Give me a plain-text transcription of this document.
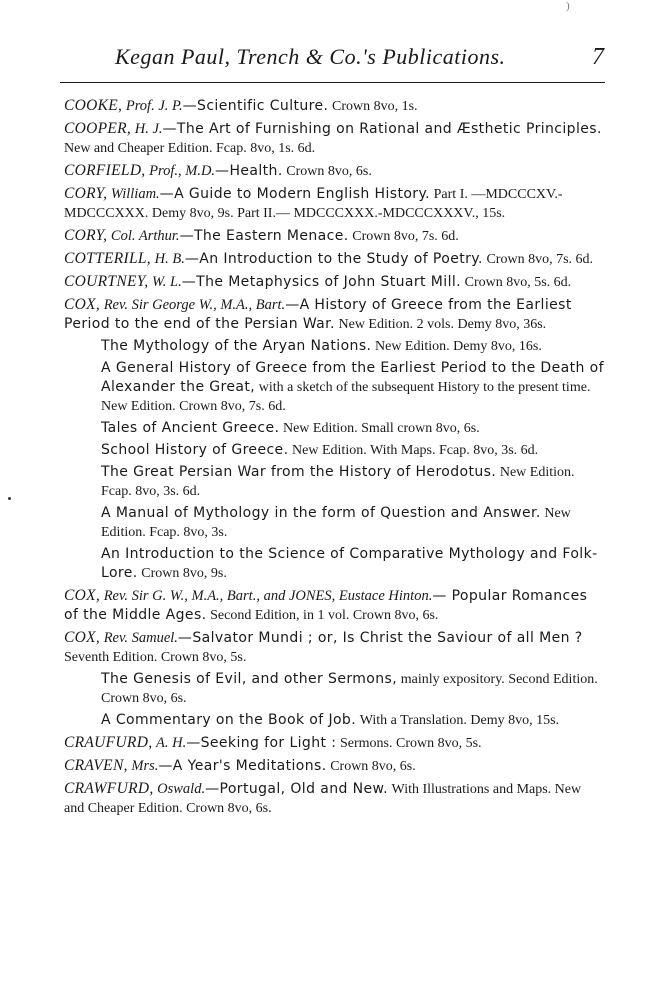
)
Kegan Paul, Trench & Co.'s Publications.	7
COOKE, Prof. J. P.—Scientific Culture. Crown 8vo, 1s.
COOPER, H. J.—The Art of Furnishing on Rational and Æsthetic Principles. New and Cheaper Edition. Fcap. 8vo, 1s. 6d.
CORFIELD, Prof., M.D.—Health. Crown 8vo, 6s.
CORY, William.—A Guide to Modern English History. Part I. —MDCCCXV.-MDCCCXXX. Demy 8vo, 9s. Part II.— MDCCCXXX.-MDCCCXXXV., 15s.
CORY, Col. Arthur.—The Eastern Menace. Crown 8vo, 7s. 6d.
COTTERILL, H. B.—An Introduction to the Study of Poetry. Crown 8vo, 7s. 6d.
COURTNEY, W. L.—The Metaphysics of John Stuart Mill. Crown 8vo, 5s. 6d.
COX, Rev. Sir George W., M.A., Bart.—A History of Greece from the Earliest Period to the end of the Persian War. New Edition. 2 vols. Demy 8vo, 36s.
The Mythology of the Aryan Nations. New Edition. Demy 8vo, 16s.
A General History of Greece from the Earliest Period to the Death of Alexander the Great, with a sketch of the subsequent History to the present time. New Edition. Crown 8vo, 7s. 6d.
Tales of Ancient Greece. New Edition. Small crown 8vo, 6s.
School History of Greece. New Edition. With Maps. Fcap. 8vo, 3s. 6d.
The Great Persian War from the History of Herodotus. New Edition. Fcap. 8vo, 3s. 6d.
A Manual of Mythology in the form of Question and Answer. New Edition. Fcap. 8vo, 3s.
An Introduction to the Science of Comparative Mythology and Folk-Lore. Crown 8vo, 9s.
COX, Rev. Sir G. W., M.A., Bart., and JONES, Eustace Hinton.— Popular Romances of the Middle Ages. Second Edition, in 1 vol. Crown 8vo, 6s.
COX, Rev. Samuel.—Salvator Mundi ; or, Is Christ the Saviour of all Men ? Seventh Edition. Crown 8vo, 5s.
The Genesis of Evil, and other Sermons, mainly expository. Second Edition. Crown 8vo, 6s.
A Commentary on the Book of Job. With a Translation. Demy 8vo, 15s.
CRAUFURD, A. H.—Seeking for Light : Sermons. Crown 8vo, 5s.
CRAVEN, Mrs.—A Year's Meditations. Crown 8vo, 6s.
CRAWFURD, Oswald.—Portugal, Old and New. With Illustrations and Maps. New and Cheaper Edition. Crown 8vo, 6s.
